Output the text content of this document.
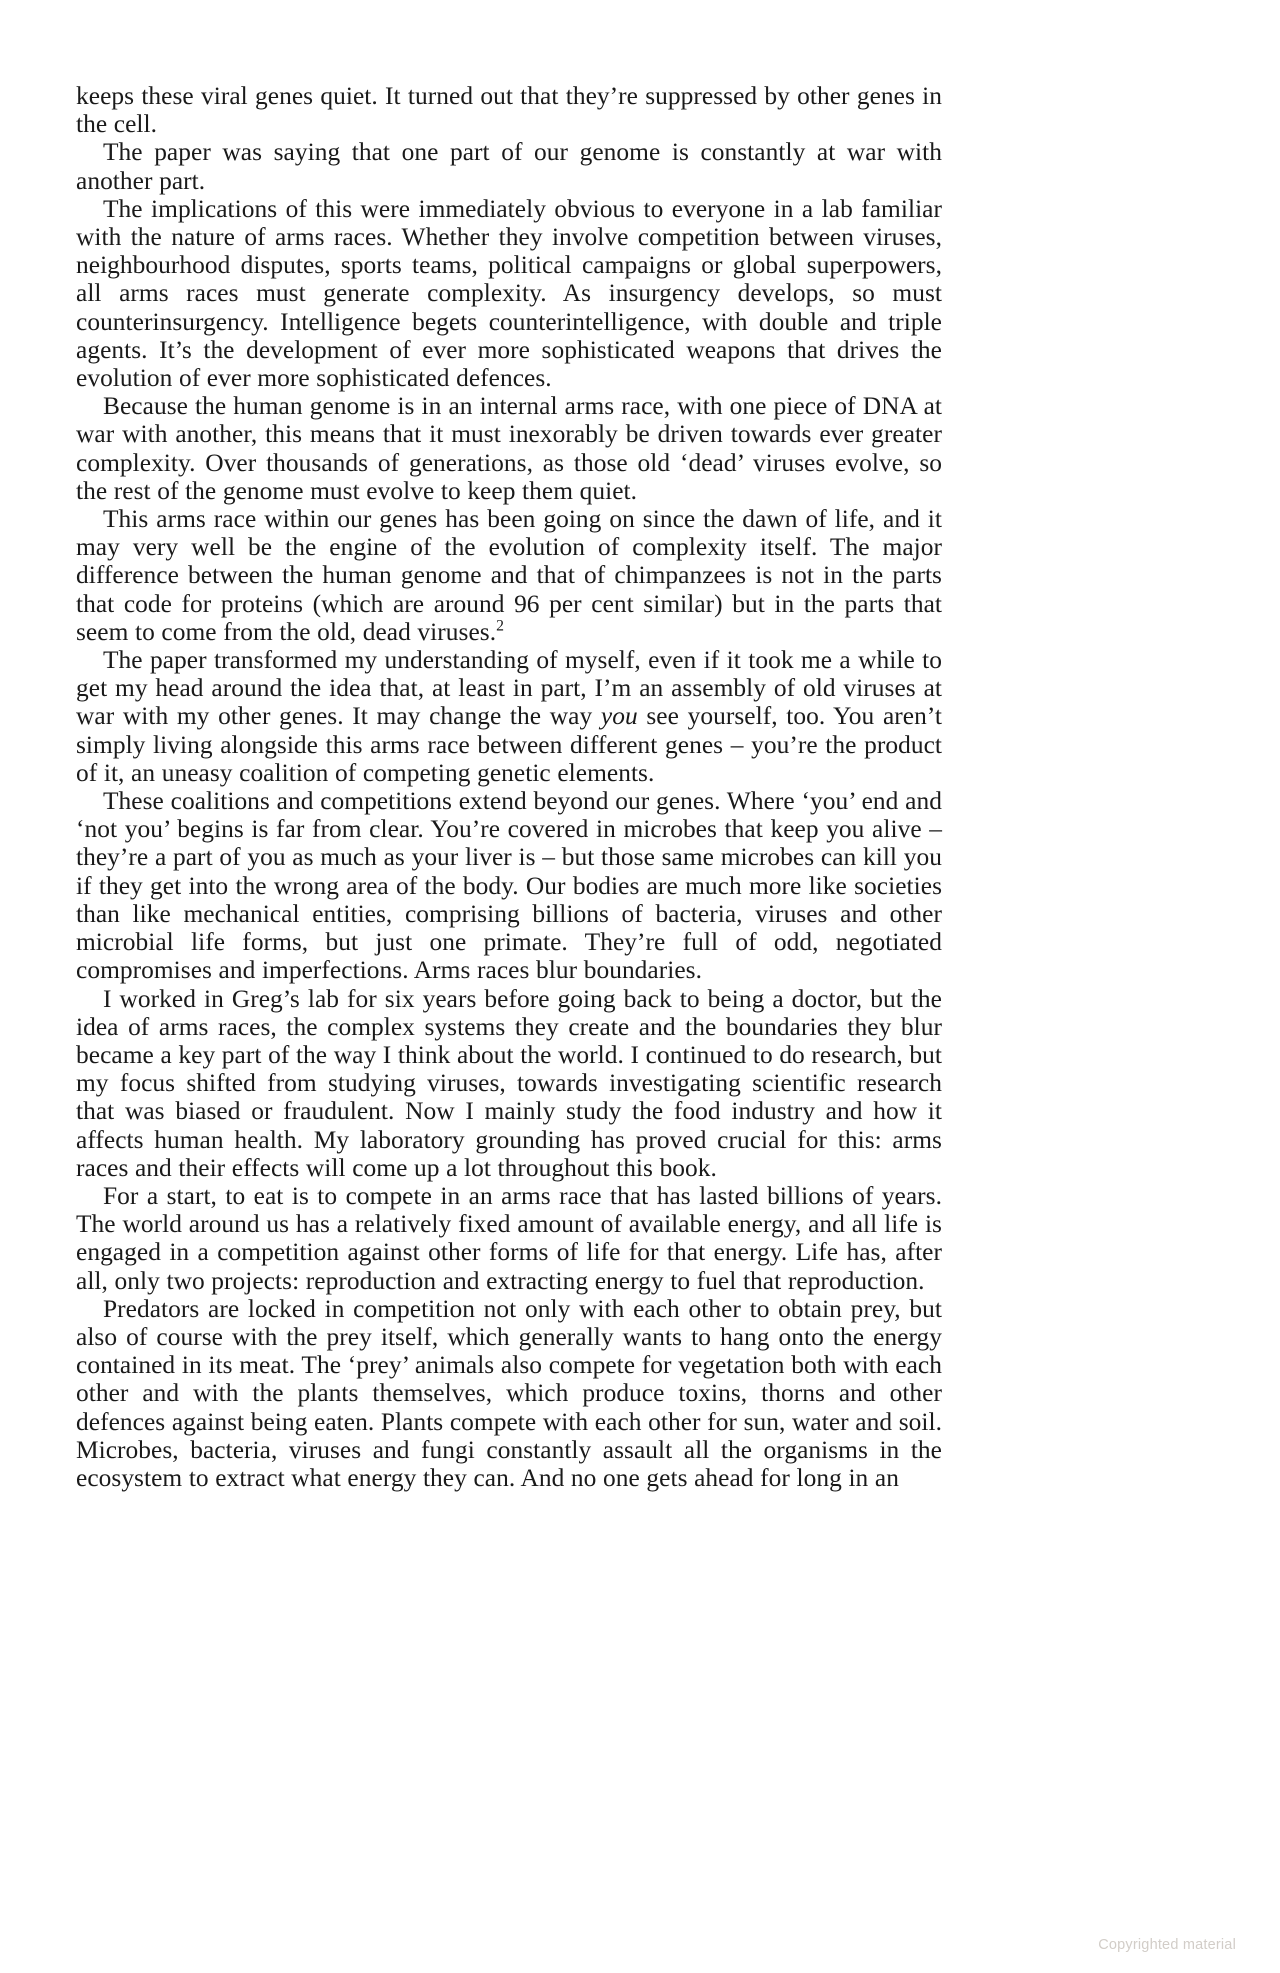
keeps these viral genes quiet. It turned out that they’re suppressed by other genes in the cell.

The paper was saying that one part of our genome is constantly at war with another part.

The implications of this were immediately obvious to everyone in a lab familiar with the nature of arms races. Whether they involve competition between viruses, neighbourhood disputes, sports teams, political campaigns or global superpowers, all arms races must generate complexity. As insurgency develops, so must counterinsurgency. Intelligence begets counterintelligence, with double and triple agents. It’s the development of ever more sophisticated weapons that drives the evolution of ever more sophisticated defences.

Because the human genome is in an internal arms race, with one piece of DNA at war with another, this means that it must inexorably be driven towards ever greater complexity. Over thousands of generations, as those old ‘dead’ viruses evolve, so the rest of the genome must evolve to keep them quiet.

This arms race within our genes has been going on since the dawn of life, and it may very well be the engine of the evolution of complexity itself. The major difference between the human genome and that of chimpanzees is not in the parts that code for proteins (which are around 96 per cent similar) but in the parts that seem to come from the old, dead viruses.$^2$

The paper transformed my understanding of myself, even if it took me a while to get my head around the idea that, at least in part, I’m an assembly of old viruses at war with my other genes. It may change the way you see yourself, too. You aren’t simply living alongside this arms race between different genes – you’re the product of it, an uneasy coalition of competing genetic elements.

These coalitions and competitions extend beyond our genes. Where ‘you’ end and ‘not you’ begins is far from clear. You’re covered in microbes that keep you alive – they’re a part of you as much as your liver is – but those same microbes can kill you if they get into the wrong area of the body. Our bodies are much more like societies than like mechanical entities, comprising billions of bacteria, viruses and other microbial life forms, but just one primate. They’re full of odd, negotiated compromises and imperfections. Arms races blur boundaries.

I worked in Greg’s lab for six years before going back to being a doctor, but the idea of arms races, the complex systems they create and the boundaries they blur became a key part of the way I think about the world. I continued to do research, but my focus shifted from studying viruses, towards investigating scientific research that was biased or fraudulent. Now I mainly study the food industry and how it affects human health. My laboratory grounding has proved crucial for this: arms races and their effects will come up a lot throughout this book.

For a start, to eat is to compete in an arms race that has lasted billions of years. The world around us has a relatively fixed amount of available energy, and all life is engaged in a competition against other forms of life for that energy. Life has, after all, only two projects: reproduction and extracting energy to fuel that reproduction.

Predators are locked in competition not only with each other to obtain prey, but also of course with the prey itself, which generally wants to hang onto the energy contained in its meat. The ‘prey’ animals also compete for vegetation both with each other and with the plants themselves, which produce toxins, thorns and other defences against being eaten. Plants compete with each other for sun, water and soil. Microbes, bacteria, viruses and fungi constantly assault all the organisms in the ecosystem to extract what energy they can. And no one gets ahead for long in an

Copyrighted material
